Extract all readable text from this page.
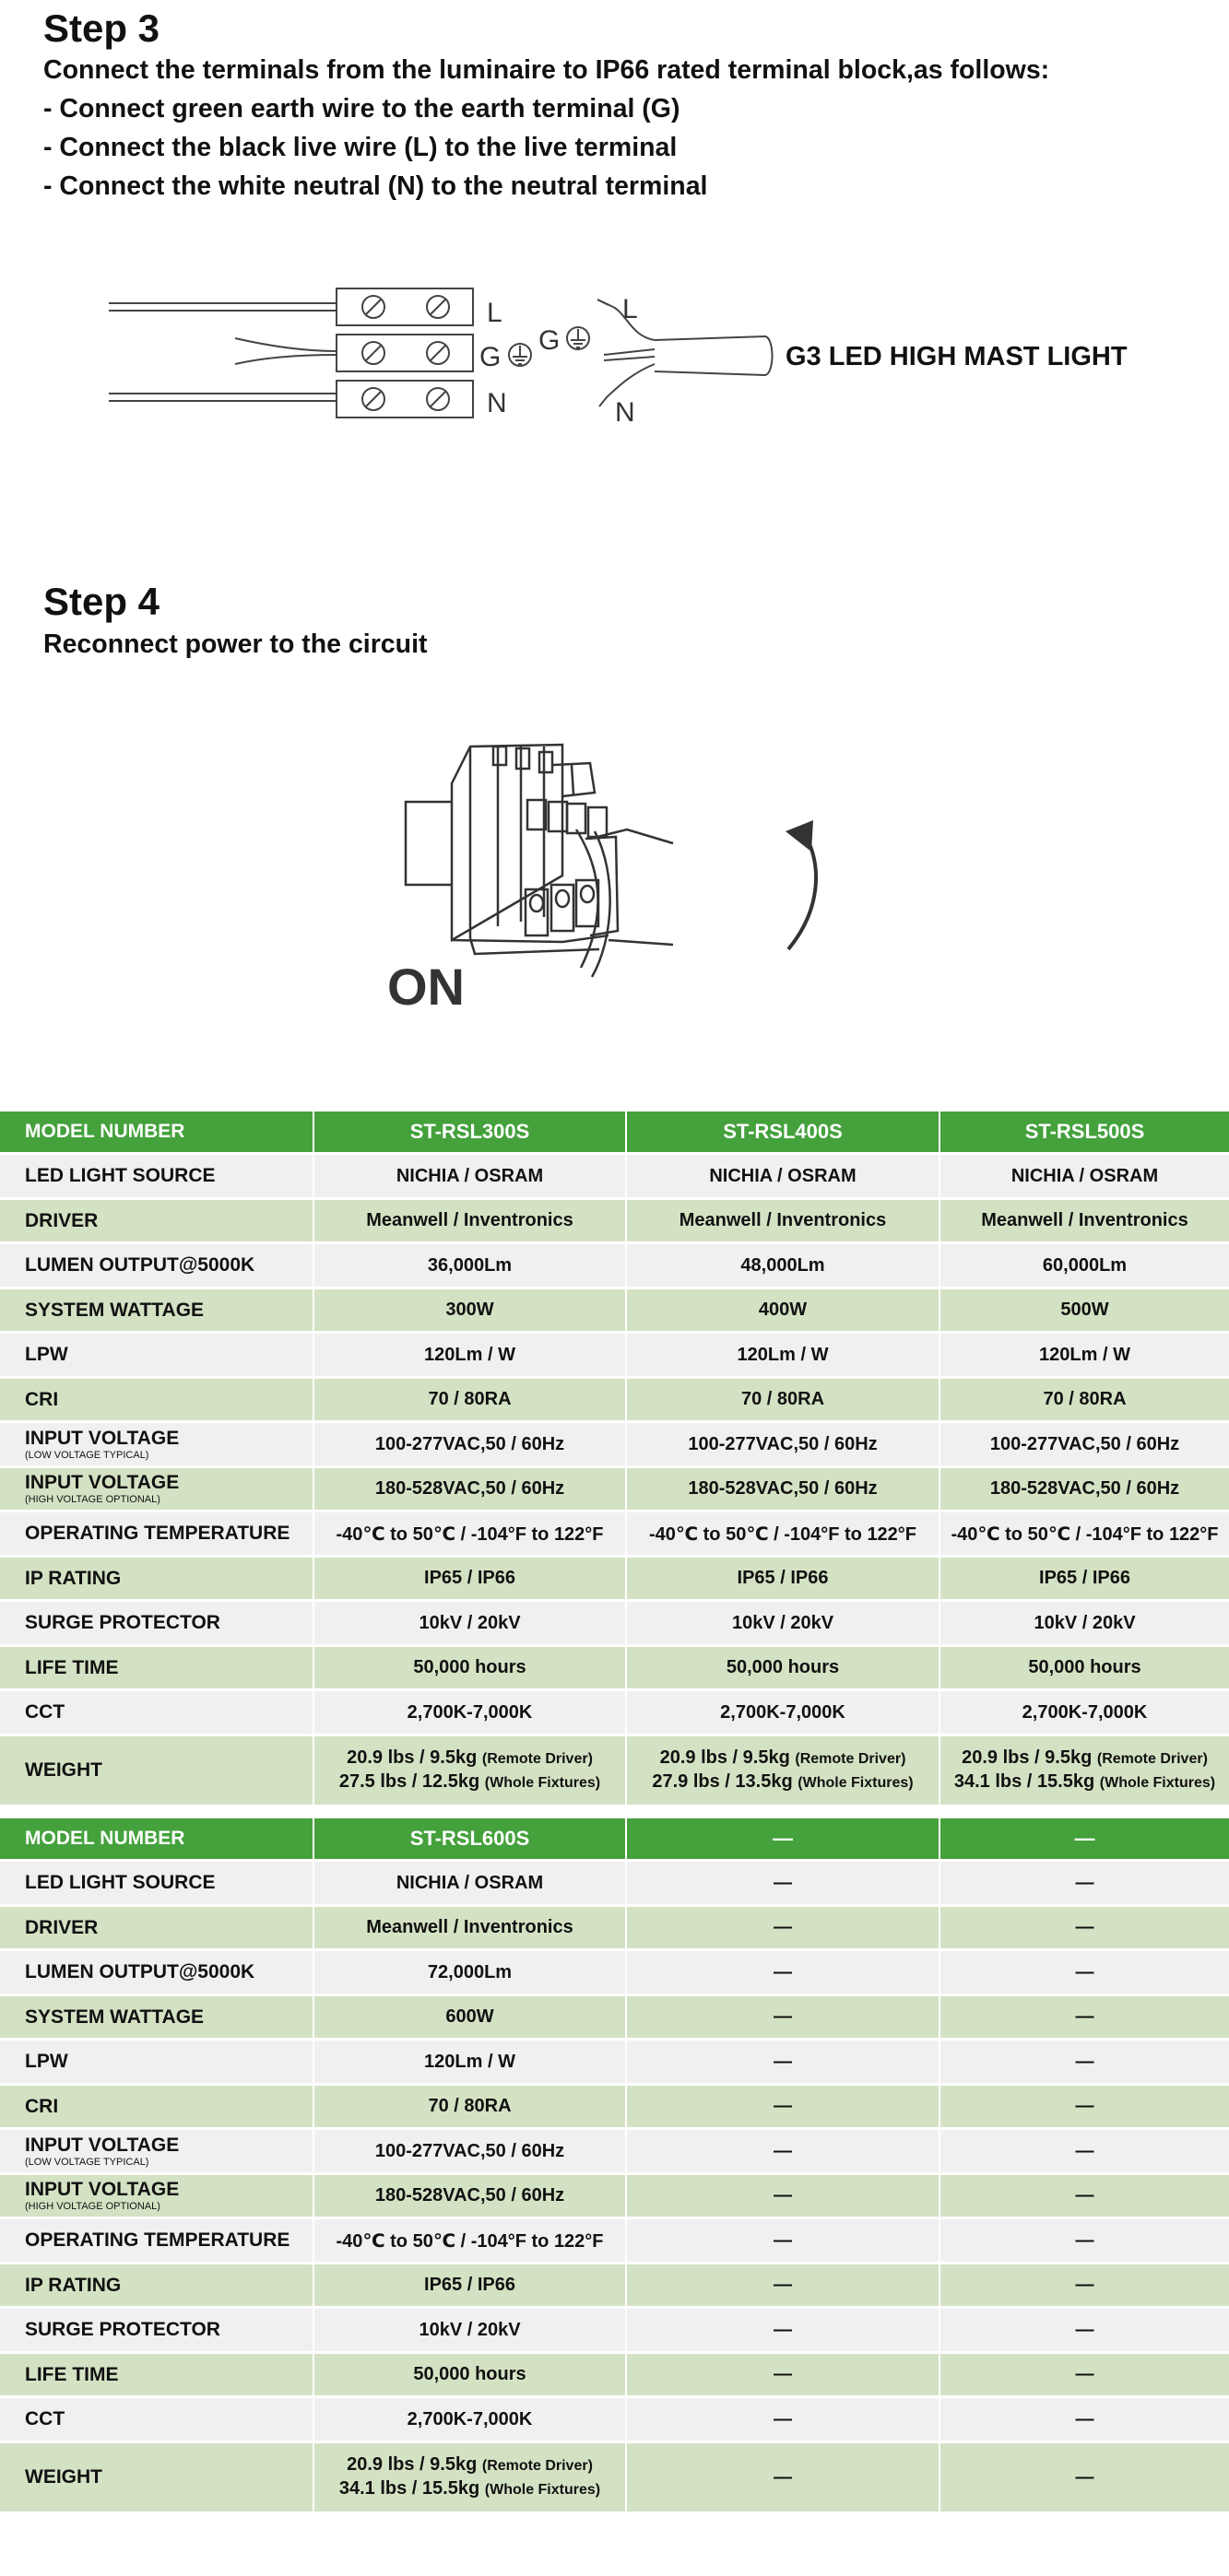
Step 3
Connect the terminals from the luminaire to IP66 rated terminal block,as follows:
- Connect green earth wire to the earth terminal (G)
- Connect the black live wire (L) to the live terminal
- Connect the white neutral (N) to the neutral terminal
L
G
N
L
G
N
G3 LED HIGH MAST LIGHT
Step 4
Reconnect power to the circuit
ON
MODEL NUMBER	ST-RSL300S	ST-RSL400S	ST-RSL500S
LED LIGHT SOURCE	NICHIA / OSRAM	NICHIA / OSRAM	NICHIA / OSRAM
DRIVER	Meanwell / Inventronics	Meanwell / Inventronics	Meanwell / Inventronics
LUMEN OUTPUT@5000K	36,000Lm	48,000Lm	60,000Lm
SYSTEM WATTAGE	300W	400W	500W
LPW	120Lm / W	120Lm / W	120Lm / W
CRI	70 / 80RA	70 / 80RA	70 / 80RA

INPUT VOLTAGE
(LOW VOLTAGE TYPICAL)	100-277VAC,50 / 60Hz	100-277VAC,50 / 60Hz	100-277VAC,50 / 60Hz

INPUT VOLTAGE
(HIGH VOLTAGE OPTIONAL)	180-528VAC,50 / 60Hz	180-528VAC,50 / 60Hz	180-528VAC,50 / 60Hz
OPERATING TEMPERATURE	-40℃ to 50℃ / -104°F to 122°F	-40℃ to 50℃ / -104°F to 122°F	-40℃ to 50℃ / -104°F to 122°F
IP RATING	IP65 / IP66	IP65 / IP66	IP65 / IP66
SURGE PROTECTOR	10kV / 20kV	10kV / 20kV	10kV / 20kV
LIFE TIME	50,000 hours	50,000 hours	50,000 hours
CCT	2,700K-7,000K	2,700K-7,000K	2,700K-7,000K
WEIGHT	20.9 lbs / 9.5kg (Remote Driver)
27.5 lbs / 12.5kg (Whole Fixtures)	20.9 lbs / 9.5kg (Remote Driver)
27.9 lbs / 13.5kg (Whole Fixtures)	20.9 lbs / 9.5kg (Remote Driver)
34.1 lbs / 15.5kg (Whole Fixtures)
MODEL NUMBER	ST-RSL600S	—	—
LED LIGHT SOURCE	NICHIA / OSRAM	—	—
DRIVER	Meanwell / Inventronics	—	—
LUMEN OUTPUT@5000K	72,000Lm	—	—
SYSTEM WATTAGE	600W	—	—
LPW	120Lm / W	—	—
CRI	70 / 80RA	—	—

INPUT VOLTAGE
(LOW VOLTAGE TYPICAL)	100-277VAC,50 / 60Hz	—	—

INPUT VOLTAGE
(HIGH VOLTAGE OPTIONAL)	180-528VAC,50 / 60Hz	—	—
OPERATING TEMPERATURE	-40℃ to 50℃ / -104°F to 122°F	—	—
IP RATING	IP65 / IP66	—	—
SURGE PROTECTOR	10kV / 20kV	—	—
LIFE TIME	50,000 hours	—	—
CCT	2,700K-7,000K	—	—
WEIGHT	20.9 lbs / 9.5kg (Remote Driver)
34.1 lbs / 15.5kg (Whole Fixtures)	—	—
